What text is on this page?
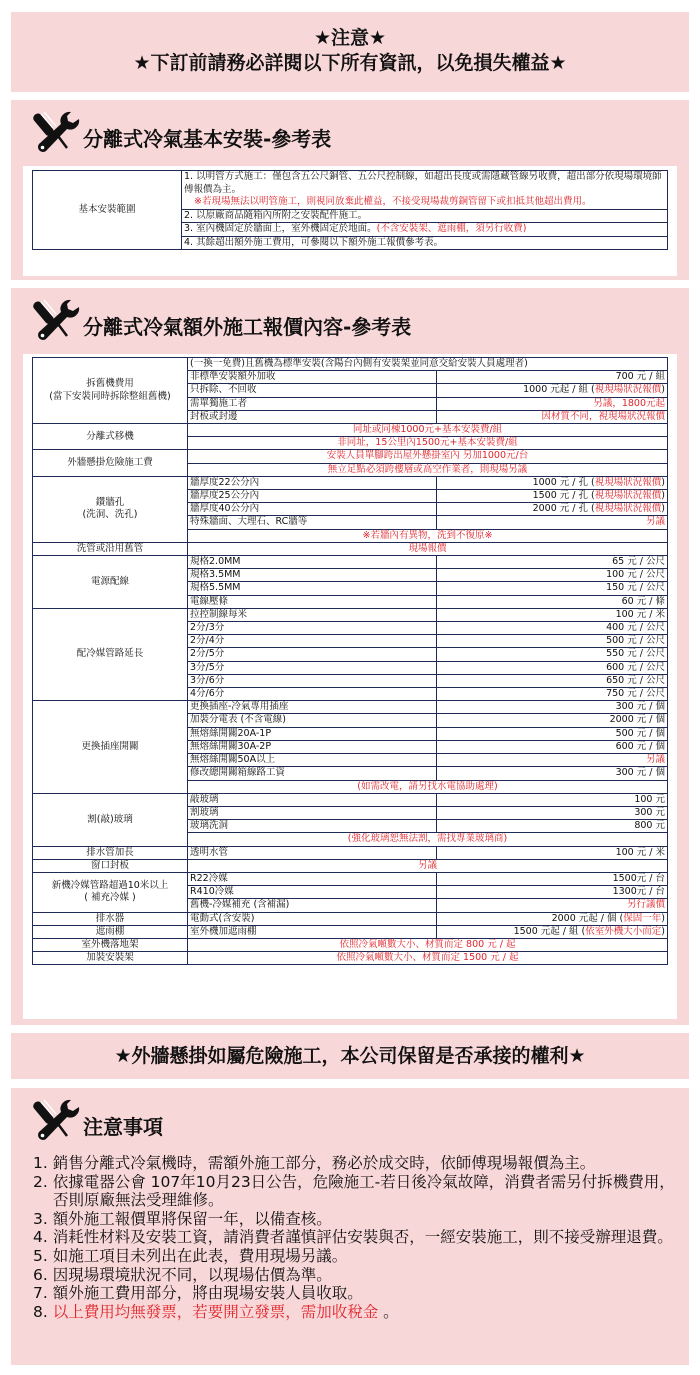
★注意★
★下訂前請務必詳閱以下所有資訊，以免損失權益★
分離式冷氣基本安裝-參考表
基本安裝範圍	1. 以明管方式施工：僅包含五公尺銅管、五公尺控制線，如超出長度或需隱藏管線另收費，超出部分依現場環境師傅報價為主。
※若現場無法以明管施工，則視同放棄此權益，不接受現場裁剪銅管留下或扣抵其他超出費用。
2. 以原廠商品隨箱內所附之安裝配件施工。
3. 室內機固定於牆面上，室外機固定於地面。(不含安裝架、遮雨棚，須另行收費)
4. 其餘超出額外施工費用，可參閱以下額外施工報價參考表。
分離式冷氣額外施工報價內容-參考表
拆舊機費用
(當下安裝同時拆除整組舊機)	(一換一免費)且舊機為標準安裝(含陽台內側有安裝架並同意交給安裝人員處理者)	
	非標準安裝額外加收	700 元 / 組
	只拆除、不回收	1000 元起 / 組 (視現場狀況報價)
	需單獨施工者	另議，1800元起
	封板或封邊	因材質不同，視現場狀況報價
分離式移機	同址或同棟1000元+基本安裝費/組	
	非同址，15公里內1500元+基本安裝費/組	
外牆懸掛危險施工費	安裝人員單腳跨出屋外懸掛室內 另加1000元/台	
	無立足點必須跨樓層或高空作業者，則現場另議	
鑽牆孔
(洗洞、洗孔)	牆厚度22公分內	1000 元 / 孔 (視現場狀況報價)
	牆厚度25公分內	1500 元 / 孔 (視現場狀況報價)
	牆厚度40公分內	2000 元 / 孔 (視現場狀況報價)
	特殊牆面、大理石、RC牆等	另議
	※若牆內有異物，洗到不復原※	
洗管或沿用舊管	現場報價	
電源配線	規格2.0MM	65 元 / 公尺
	規格3.5MM	100 元 / 公尺
	規格5.5MM	150 元 / 公尺
	電線壓條	60 元 / 條
配冷媒管路延長	拉控制線每米	100 元 / 米
	2分/3分	400 元 / 公尺
	2分/4分	500 元 / 公尺
	2分/5分	550 元 / 公尺
	3分/5分	600 元 / 公尺
	3分/6分	650 元 / 公尺
	4分/6分	750 元 / 公尺
更換插座開關	更換插座-冷氣專用插座	300 元 / 個
	加裝分電表 (不含電線)	2000 元 / 個
	無熔絲開關20A-1P	500 元 / 個
	無熔絲開關30A-2P	600 元 / 個
	無熔絲開關50A以上	另議
	修改總開關箱線路工資	300 元 / 個
	(如需改電，請另找水電協助處理)	
割(敲)玻璃	敲玻璃	100 元
	割玻璃	300 元
	玻璃洗洞	800 元
	(強化玻璃恕無法割，需找專業玻璃商)	
排水管加長	透明水管	100 元 / 米
窗口封板	另議	
新機冷媒管路超過10米以上
( 補充冷媒 )	R22冷媒	1500元 / 台
	R410冷媒	1300元 / 台
	舊機-冷媒補充 (含補漏)	另行議價
排水器	電動式(含安裝)	2000 元起 / 個 (保固一年)
遮雨棚	室外機加遮雨棚	1500 元起 / 組 (依室外機大小而定)
室外機落地架	依照冷氣噸數大小、材質而定 800 元 / 起	
加裝安裝架	依照冷氣噸數大小、材質而定 1500 元 / 起	
★外牆懸掛如屬危險施工，本公司保留是否承接的權利★
注意事項
1. 銷售分離式冷氣機時，需額外施工部分，務必於成交時，依師傅現場報價為主。
2. 依據電器公會 107年10月23日公告，危險施工-若日後冷氣故障，消費者需另付拆機費用，否則原廠無法受理維修。
3. 額外施工報價單將保留一年，以備查核。
4. 消耗性材料及安裝工資，請消費者謹慎評估安裝與否，一經安裝施工，則不接受辦理退費。
5. 如施工項目未列出在此表，費用現場另議。
6. 因現場環境狀況不同，以現場估價為準。
7. 額外施工費用部分，將由現場安裝人員收取。
8. 以上費用均無發票，若要開立發票，需加收稅金 。
